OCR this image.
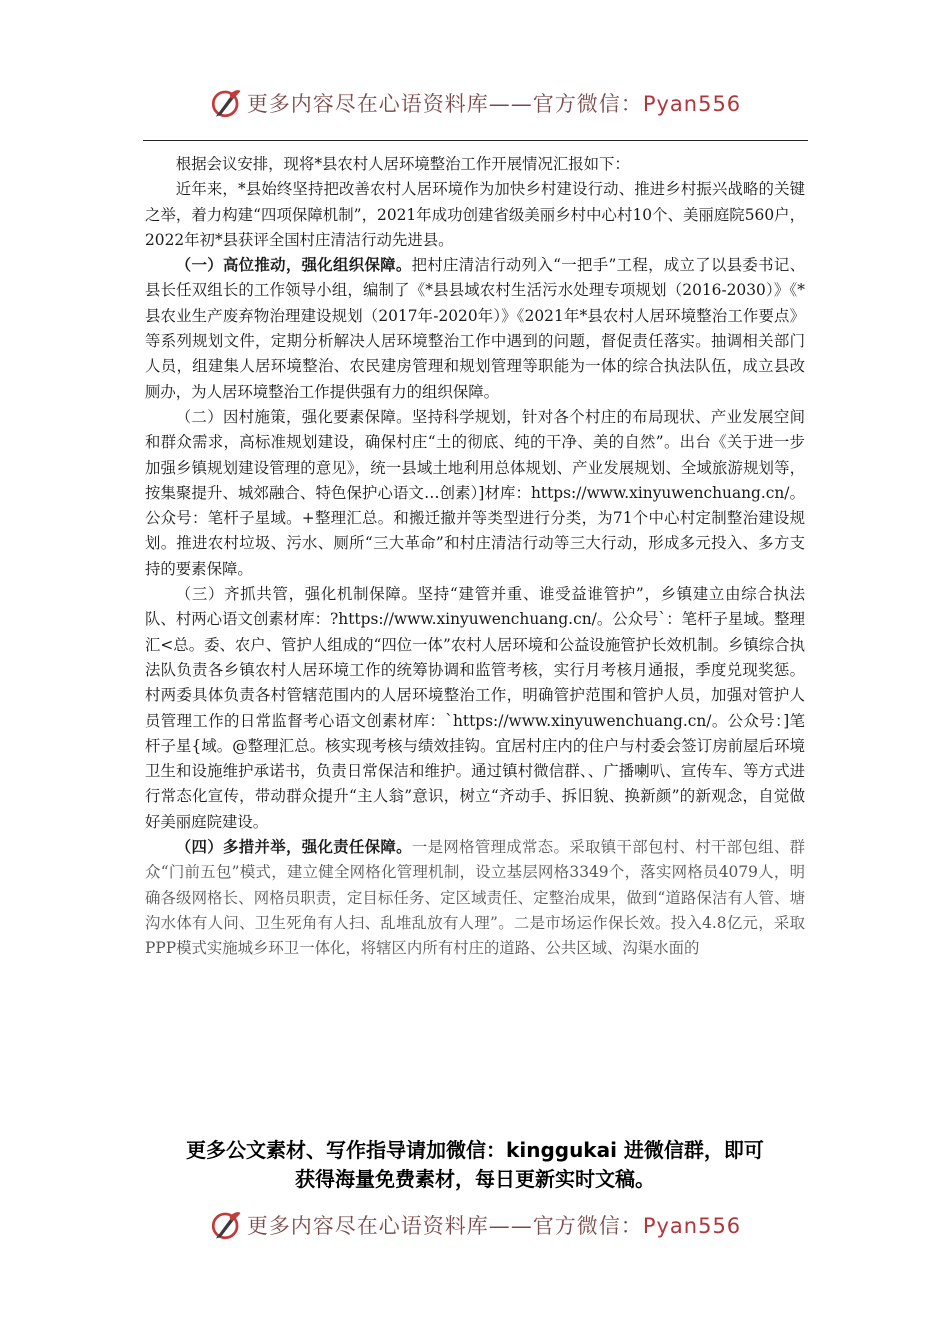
更多内容尽在心语资料库——官方微信：Pyan556

根据会议安排，现将*县农村人居环境整治工作开展情况汇报如下：

近年来，*县始终坚持把改善农村人居环境作为加快乡村建设行动、推进乡村振兴战略的关键之举，着力构建“四项保障机制”，2021年成功创建省级美丽乡村中心村10个、美丽庭院560户，2022年初*县获评全国村庄清洁行动先进县。

（一）高位推动，强化组织保障。把村庄清洁行动列入“一把手”工程，成立了以县委书记、县长任双组长的工作领导小组，编制了《*县县域农村生活污水处理专项规划（2016-2030）》《*县农业生产废弃物治理建设规划（2017年-2020年）》《2021年*县农村人居环境整治工作要点》等系列规划文件，定期分析解决人居环境整治工作中遇到的问题，督促责任落实。抽调相关部门人员，组建集人居环境整治、农民建房管理和规划管理等职能为一体的综合执法队伍，成立县改厕办，为人居环境整治工作提供强有力的组织保障。

（二）因村施策，强化要素保障。坚持科学规划，针对各个村庄的布局现状、产业发展空间和群众需求，高标准规划建设，确保村庄“土的彻底、纯的干净、美的自然”。出台《关于进一步加强乡镇规划建设管理的意见》，统一县域土地利用总体规划、产业发展规划、全域旅游规划等，按集聚提升、城郊融合、特色保护心语文…创素）]材库：https://www.xinyuwenchuang.cn/。公众号：笔杆子星域。+整理汇总。和搬迁撤并等类型进行分类，为71个中心村定制整治建设规划。推进农村垃圾、污水、厕所“三大革命”和村庄清洁行动等三大行动，形成多元投入、多方支持的要素保障。

（三）齐抓共管，强化机制保障。坚持“建管并重、谁受益谁管护”，乡镇建立由综合执法队、村两心语文创素材库：?https://www.xinyuwenchuang.cn/。公众号`：笔杆子星域。整理汇<总。委、农户、管护人组成的“四位一体”农村人居环境和公益设施管护长效机制。乡镇综合执法队负责各乡镇农村人居环境工作的统筹协调和监管考核，实行月考核月通报，季度兑现奖惩。村两委具体负责各村管辖范围内的人居环境整治工作，明确管护范围和管护人员，加强对管护人员管理工作的日常监督考心语文创素材库：`https://www.xinyuwenchuang.cn/。公众号：]笔杆子星{域。@整理汇总。核实现考核与绩效挂钩。宜居村庄内的住户与村委会签订房前屋后环境卫生和设施维护承诺书，负责日常保洁和维护。通过镇村微信群、、广播喇叭、宣传车、等方式进行常态化宣传，带动群众提升“主人翁”意识，树立“齐动手、拆旧貌、换新颜”的新观念，自觉做好美丽庭院建设。

（四）多措并举，强化责任保障。一是网格管理成常态。采取镇干部包村、村干部包组、群众“门前五包”模式，建立健全网格化管理机制，设立基层网格3349个，落实网格员4079人，明确各级网格长、网格员职责，定目标任务、定区域责任、定整治成果，做到“道路保洁有人管、塘沟水体有人问、卫生死角有人扫、乱堆乱放有人理”。二是市场运作保长效。投入4.8亿元，采取PPP模式实施城乡环卫一体化，将辖区内所有村庄的道路、公共区域、沟渠水面的

更多公文素材、写作指导请加微信：kinggukai 进微信群，即可
获得海量免费素材，每日更新实时文稿。
更多内容尽在心语资料库——官方微信：Pyan556
